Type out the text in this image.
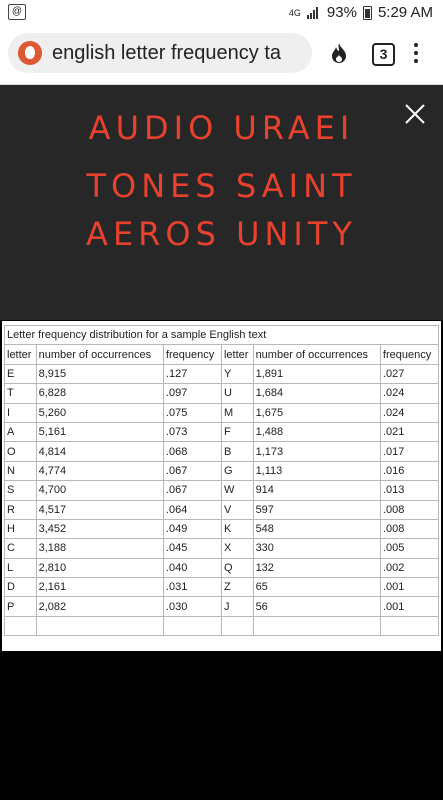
@	4G 93% 5:29 AM
english letter frequency ta	3
AUDIO URAEI
TONES SAINT
AEROS UNITY
Letter frequency distribution for a sample English text					
letter	number of occurrences	frequency	letter	number of occurrences	frequency
E	8,915	.127	Y	1,891	.027
T	6,828	.097	U	1,684	.024
I	5,260	.075	M	1,675	.024
A	5,161	.073	F	1,488	.021
O	4,814	.068	B	1,173	.017
N	4,774	.067	G	1,113	.016
S	4,700	.067	W	914	.013
R	4,517	.064	V	597	.008
H	3,452	.049	K	548	.008
C	3,188	.045	X	330	.005
L	2,810	.040	Q	132	.002
D	2,161	.031	Z	65	.001
P	2,082	.030	J	56	.001
